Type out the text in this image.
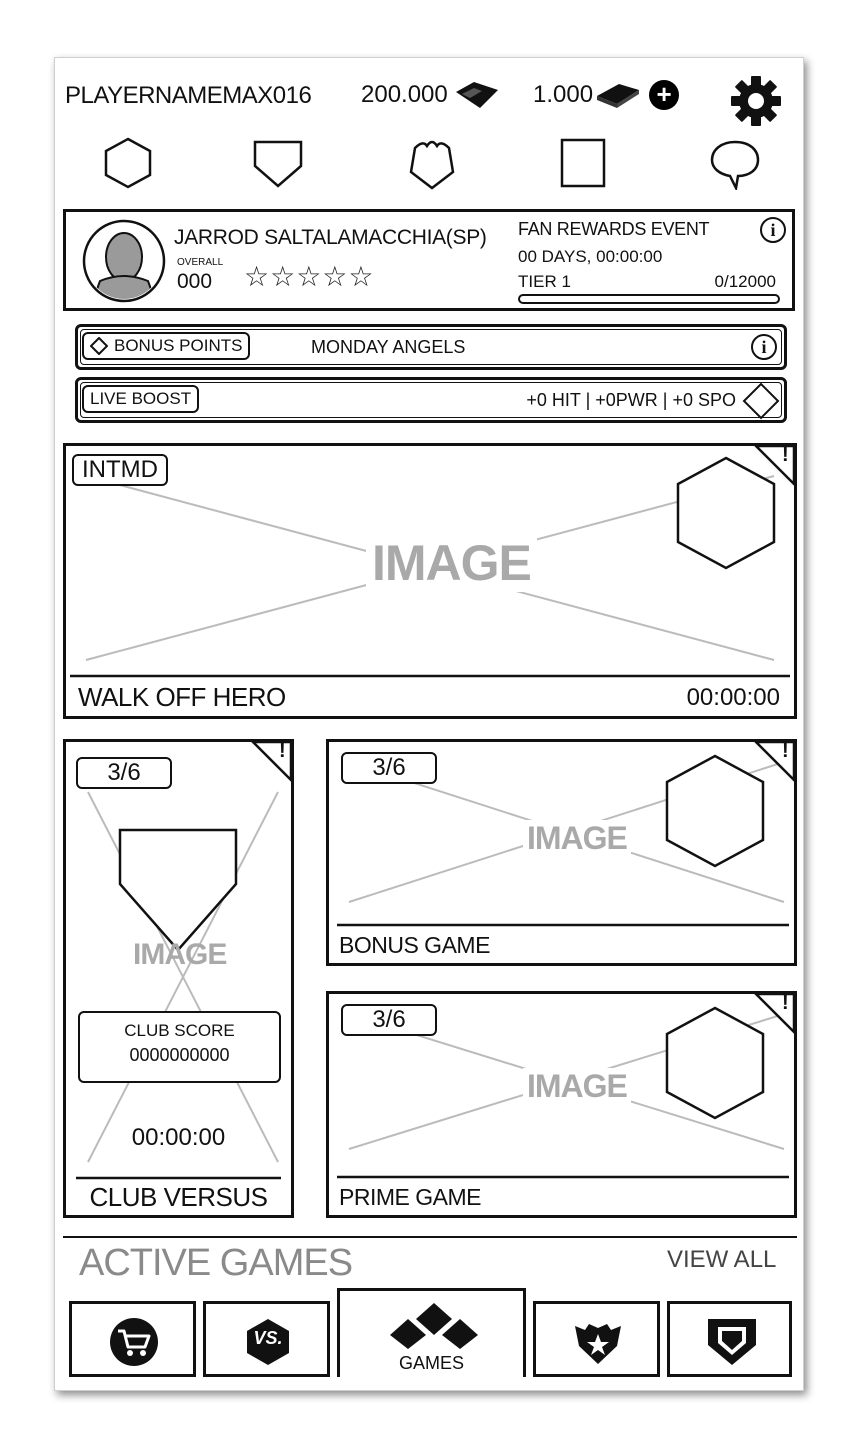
PLAYERNAMEMAX016 200.000	1.000 +
JARROD SALTALAMACCHIA(SP)
OVERALL
000 ☆☆☆☆☆
FAN REWARDS EVENT	i
00 DAYS, 00:00:00
TIER 1	0/12000
BONUS POINTS	MONDAY ANGELS	i
LIVE BOOST	+0 HIT | +0PWR | +0 SPO
!
INTMD
IMAGE
WALK OFF HERO	00:00:00
!
3/6
IMAGE
CLUB SCORE
0000000000
00:00:00
CLUB VERSUS
!
3/6
IMAGE
BONUS GAME
!
3/6
IMAGE
PRIME GAME
ACTIVE GAMES	VIEW ALL
VS.
GAMES
